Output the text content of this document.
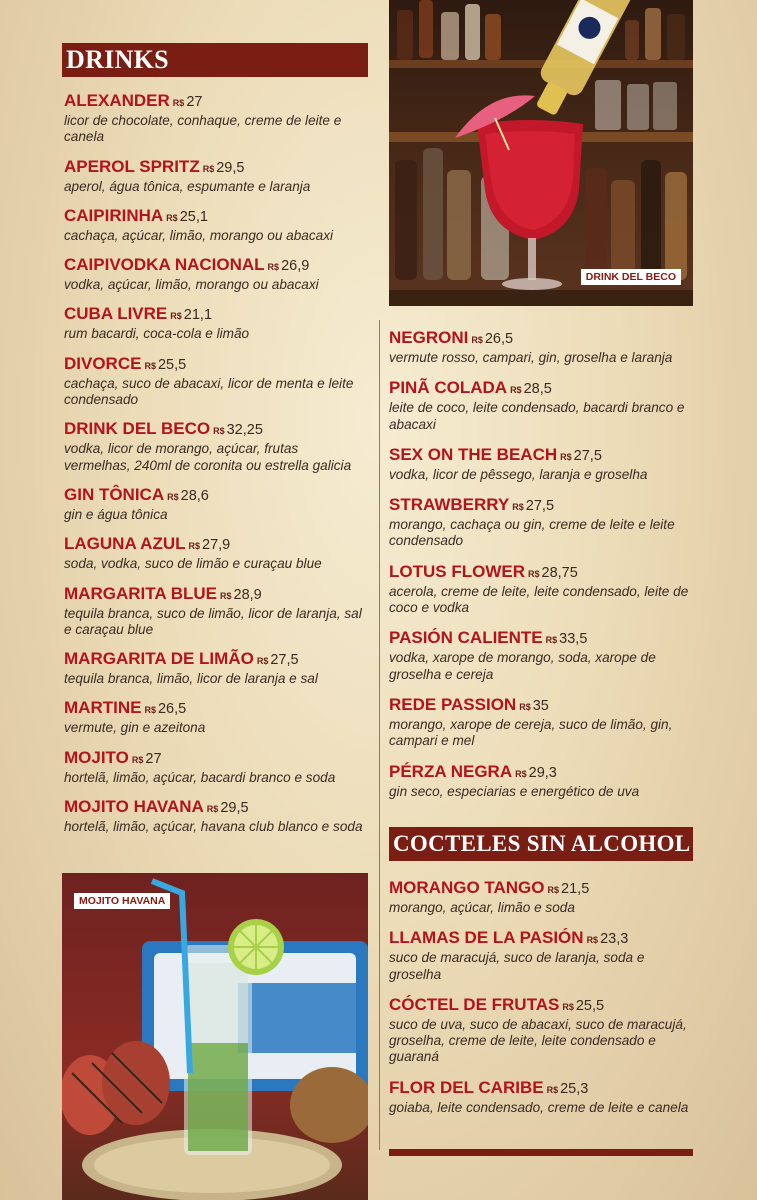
DRINK DEL BECO
DRINKS
ALEXANDER R$ 27
licor de chocolate, conhaque, creme de leite e canela
APEROL SPRITZ R$ 29,5
aperol, água tônica, espumante e laranja
CAIPIRINHA R$ 25,1
cachaça, açúcar, limão, morango ou abacaxi
CAIPIVODKA NACIONAL R$ 26,9
vodka, açúcar, limão, morango ou abacaxi
CUBA LIVRE R$ 21,1
rum bacardi, coca-cola e limão
DIVORCE R$ 25,5
cachaça, suco de abacaxi, licor de menta e leite condensado
DRINK DEL BECO R$ 32,25
vodka, licor de morango, açúcar, frutas vermelhas, 240ml de coronita ou estrella galicia
GIN TÔNICA R$ 28,6
gin e água tônica
LAGUNA AZUL R$ 27,9
soda, vodka, suco de limão e curaçau blue
MARGARITA BLUE R$ 28,9
tequila branca, suco de limão, licor de laranja, sal e caraçau blue
MARGARITA DE LIMÃO R$ 27,5
tequila branca, limão, licor de laranja e sal
MARTINE R$ 26,5
vermute, gin e azeitona
MOJITO R$ 27
hortelã, limão, açúcar, bacardi branco e soda
MOJITO HAVANA R$ 29,5
hortelã, limão, açúcar, havana club blanco e soda
NEGRONI R$ 26,5
vermute rosso, campari, gin, groselha e laranja
PINÃ COLADA R$ 28,5
leite de coco, leite condensado, bacardi branco e abacaxi
SEX ON THE BEACH R$ 27,5
vodka, licor de pêssego, laranja e groselha
STRAWBERRY R$ 27,5
morango, cachaça ou gin, creme de leite e leite condensado
LOTUS FLOWER R$ 28,75
acerola, creme de leite, leite condensado, leite de coco e vodka
PASIÓN CALIENTE R$ 33,5
vodka, xarope de morango, soda, xarope de groselha e cereja
REDE PASSION R$ 35
morango, xarope de cereja, suco de limão, gin, campari e mel
PÉRZA NEGRA R$ 29,3
gin seco, especiarias e energético de uva
COCTELES SIN ALCOHOL
MORANGO TANGO R$ 21,5
morango, açúcar, limão e soda
LLAMAS DE LA PASIÓN R$ 23,3
suco de maracujá, suco de laranja, soda e groselha
CÓCTEL DE FRUTAS R$ 25,5
suco de uva, suco de abacaxi, suco de maracujá, groselha, creme de leite, leite condensado e guaraná
FLOR DEL CARIBE R$ 25,3
goiaba, leite condensado, creme de leite e canela
MOJITO HAVANA
